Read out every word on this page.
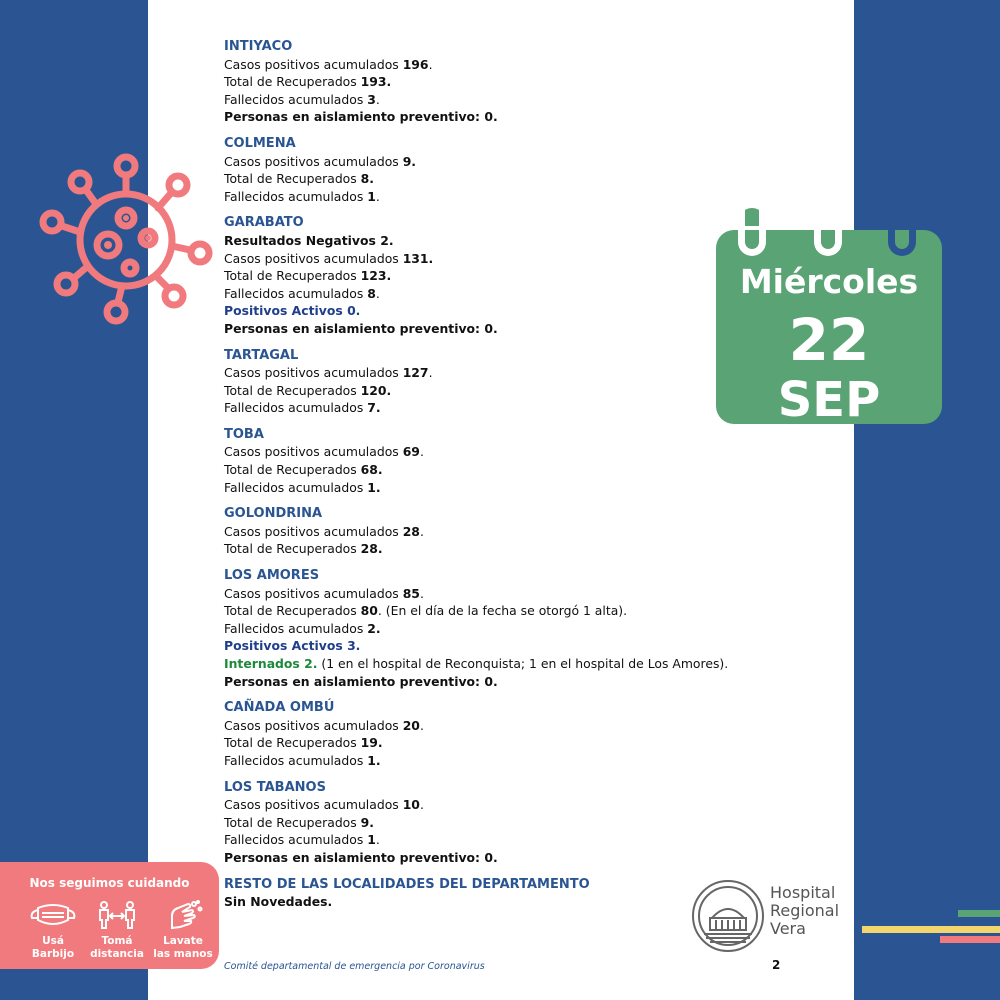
INTIYACO
Casos positivos acumulados 196.
Total de Recuperados 193.
Fallecidos acumulados 3.
Personas en aislamiento preventivo: 0.
COLMENA
Casos positivos acumulados 9.
Total de Recuperados 8.
Fallecidos acumulados 1.
GARABATO
Resultados Negativos 2.
Casos positivos acumulados 131.
Total de Recuperados 123.
Fallecidos acumulados 8.
Positivos Activos 0.
Personas en aislamiento preventivo: 0.
TARTAGAL
Casos positivos acumulados 127.
Total de Recuperados 120.
Fallecidos acumulados 7.
TOBA
Casos positivos acumulados 69.
Total de Recuperados 68.
Fallecidos acumulados 1.
GOLONDRINA
Casos positivos acumulados 28.
Total de Recuperados 28.
LOS AMORES
Casos positivos acumulados 85.
Total de Recuperados 80. (En el día de la fecha se otorgó 1 alta).
Fallecidos acumulados 2.
Positivos Activos 3.
Internados 2. (1 en el hospital de Reconquista; 1 en el hospital de Los Amores).
Personas en aislamiento preventivo: 0.
CAÑADA OMBÚ
Casos positivos acumulados 20.
Total de Recuperados 19.
Fallecidos acumulados 1.
LOS TABANOS
Casos positivos acumulados 10.
Total de Recuperados 9.
Fallecidos acumulados 1.
Personas en aislamiento preventivo: 0.
RESTO DE LAS LOCALIDADES DEL DEPARTAMENTO
Sin Novedades.
Miércoles
22
SEP
Nos seguimos cuidando
Usá
Barbijo
Tomá
distancia
Lavate
las manos
Hospital
Regional
Vera
Comité departamental de emergencia por Coronavirus	2
